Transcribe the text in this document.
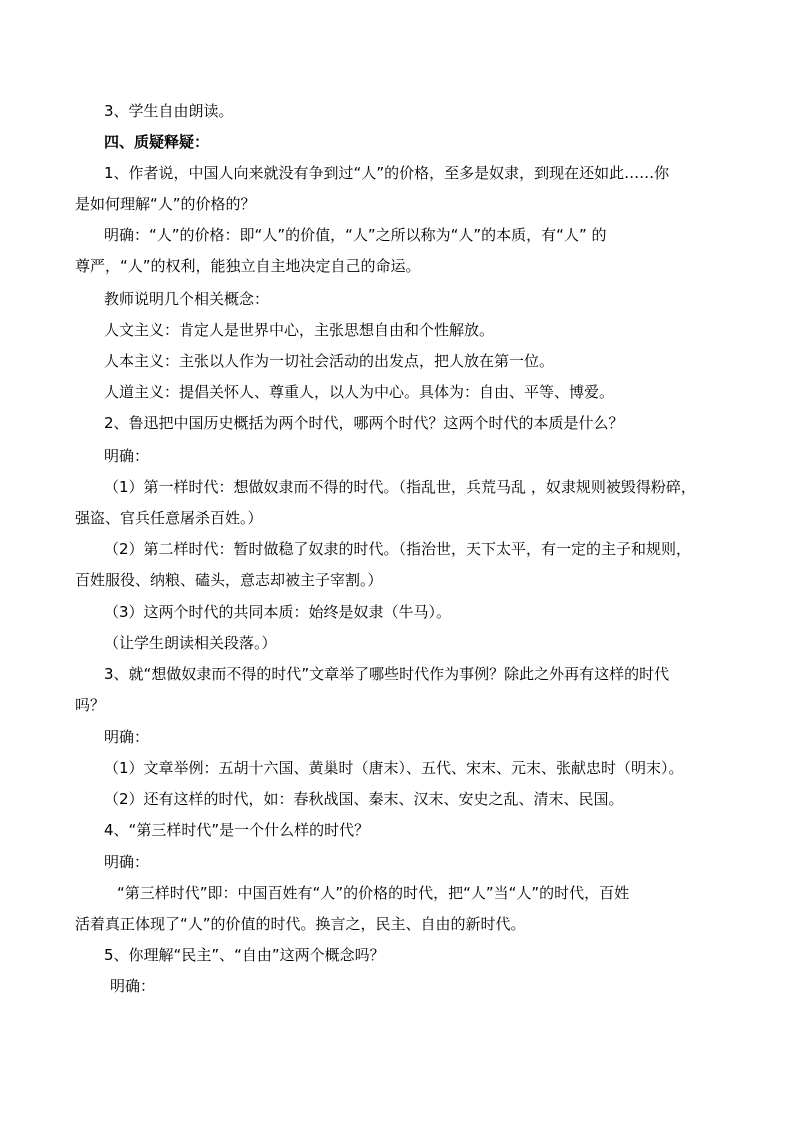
3、学生自由朗读。
四、质疑释疑：
1、作者说，中国人向来就没有争到过“人”的价格，至多是奴隶，到现在还如此……你
是如何理解“人”的价格的？
明确：“人”的价格：即“人”的价值，“人”之所以称为“人”的本质，有“人” 的
尊严，“人”的权利，能独立自主地决定自己的命运。
教师说明几个相关概念：
人文主义：肯定人是世界中心，主张思想自由和个性解放。
人本主义：主张以人作为一切社会活动的出发点，把人放在第一位。
人道主义：提倡关怀人、尊重人，以人为中心。具体为：自由、平等、博爱。
2、鲁迅把中国历史概括为两个时代，哪两个时代？这两个时代的本质是什么？
明确：
（1）第一样时代：想做奴隶而不得的时代。（指乱世，兵荒马乱 ，奴隶规则被毁得粉碎，
强盗、官兵任意屠杀百姓。）
（2）第二样时代：暂时做稳了奴隶的时代。（指治世，天下太平，有一定的主子和规则，
百姓服役、纳粮、磕头，意志却被主子宰割。）
（3）这两个时代的共同本质：始终是奴隶（牛马）。
（让学生朗读相关段落。）
3、就“想做奴隶而不得的时代”文章举了哪些时代作为事例？除此之外再有这样的时代
吗？
明确：
（1）文章举例：五胡十六国、黄巢时（唐末）、五代、宋末、元末、张献忠时（明末）。
（2）还有这样的时代，如：春秋战国、秦末、汉末、安史之乱、清末、民国。
4、“第三样时代”是一个什么样的时代？
明确：
“第三样时代”即：中国百姓有“人”的价格的时代，把“人”当“人”的时代，百姓
活着真正体现了“人”的价值的时代。换言之，民主、自由的新时代。
5、你理解“民主”、“自由”这两个概念吗？
明确：
